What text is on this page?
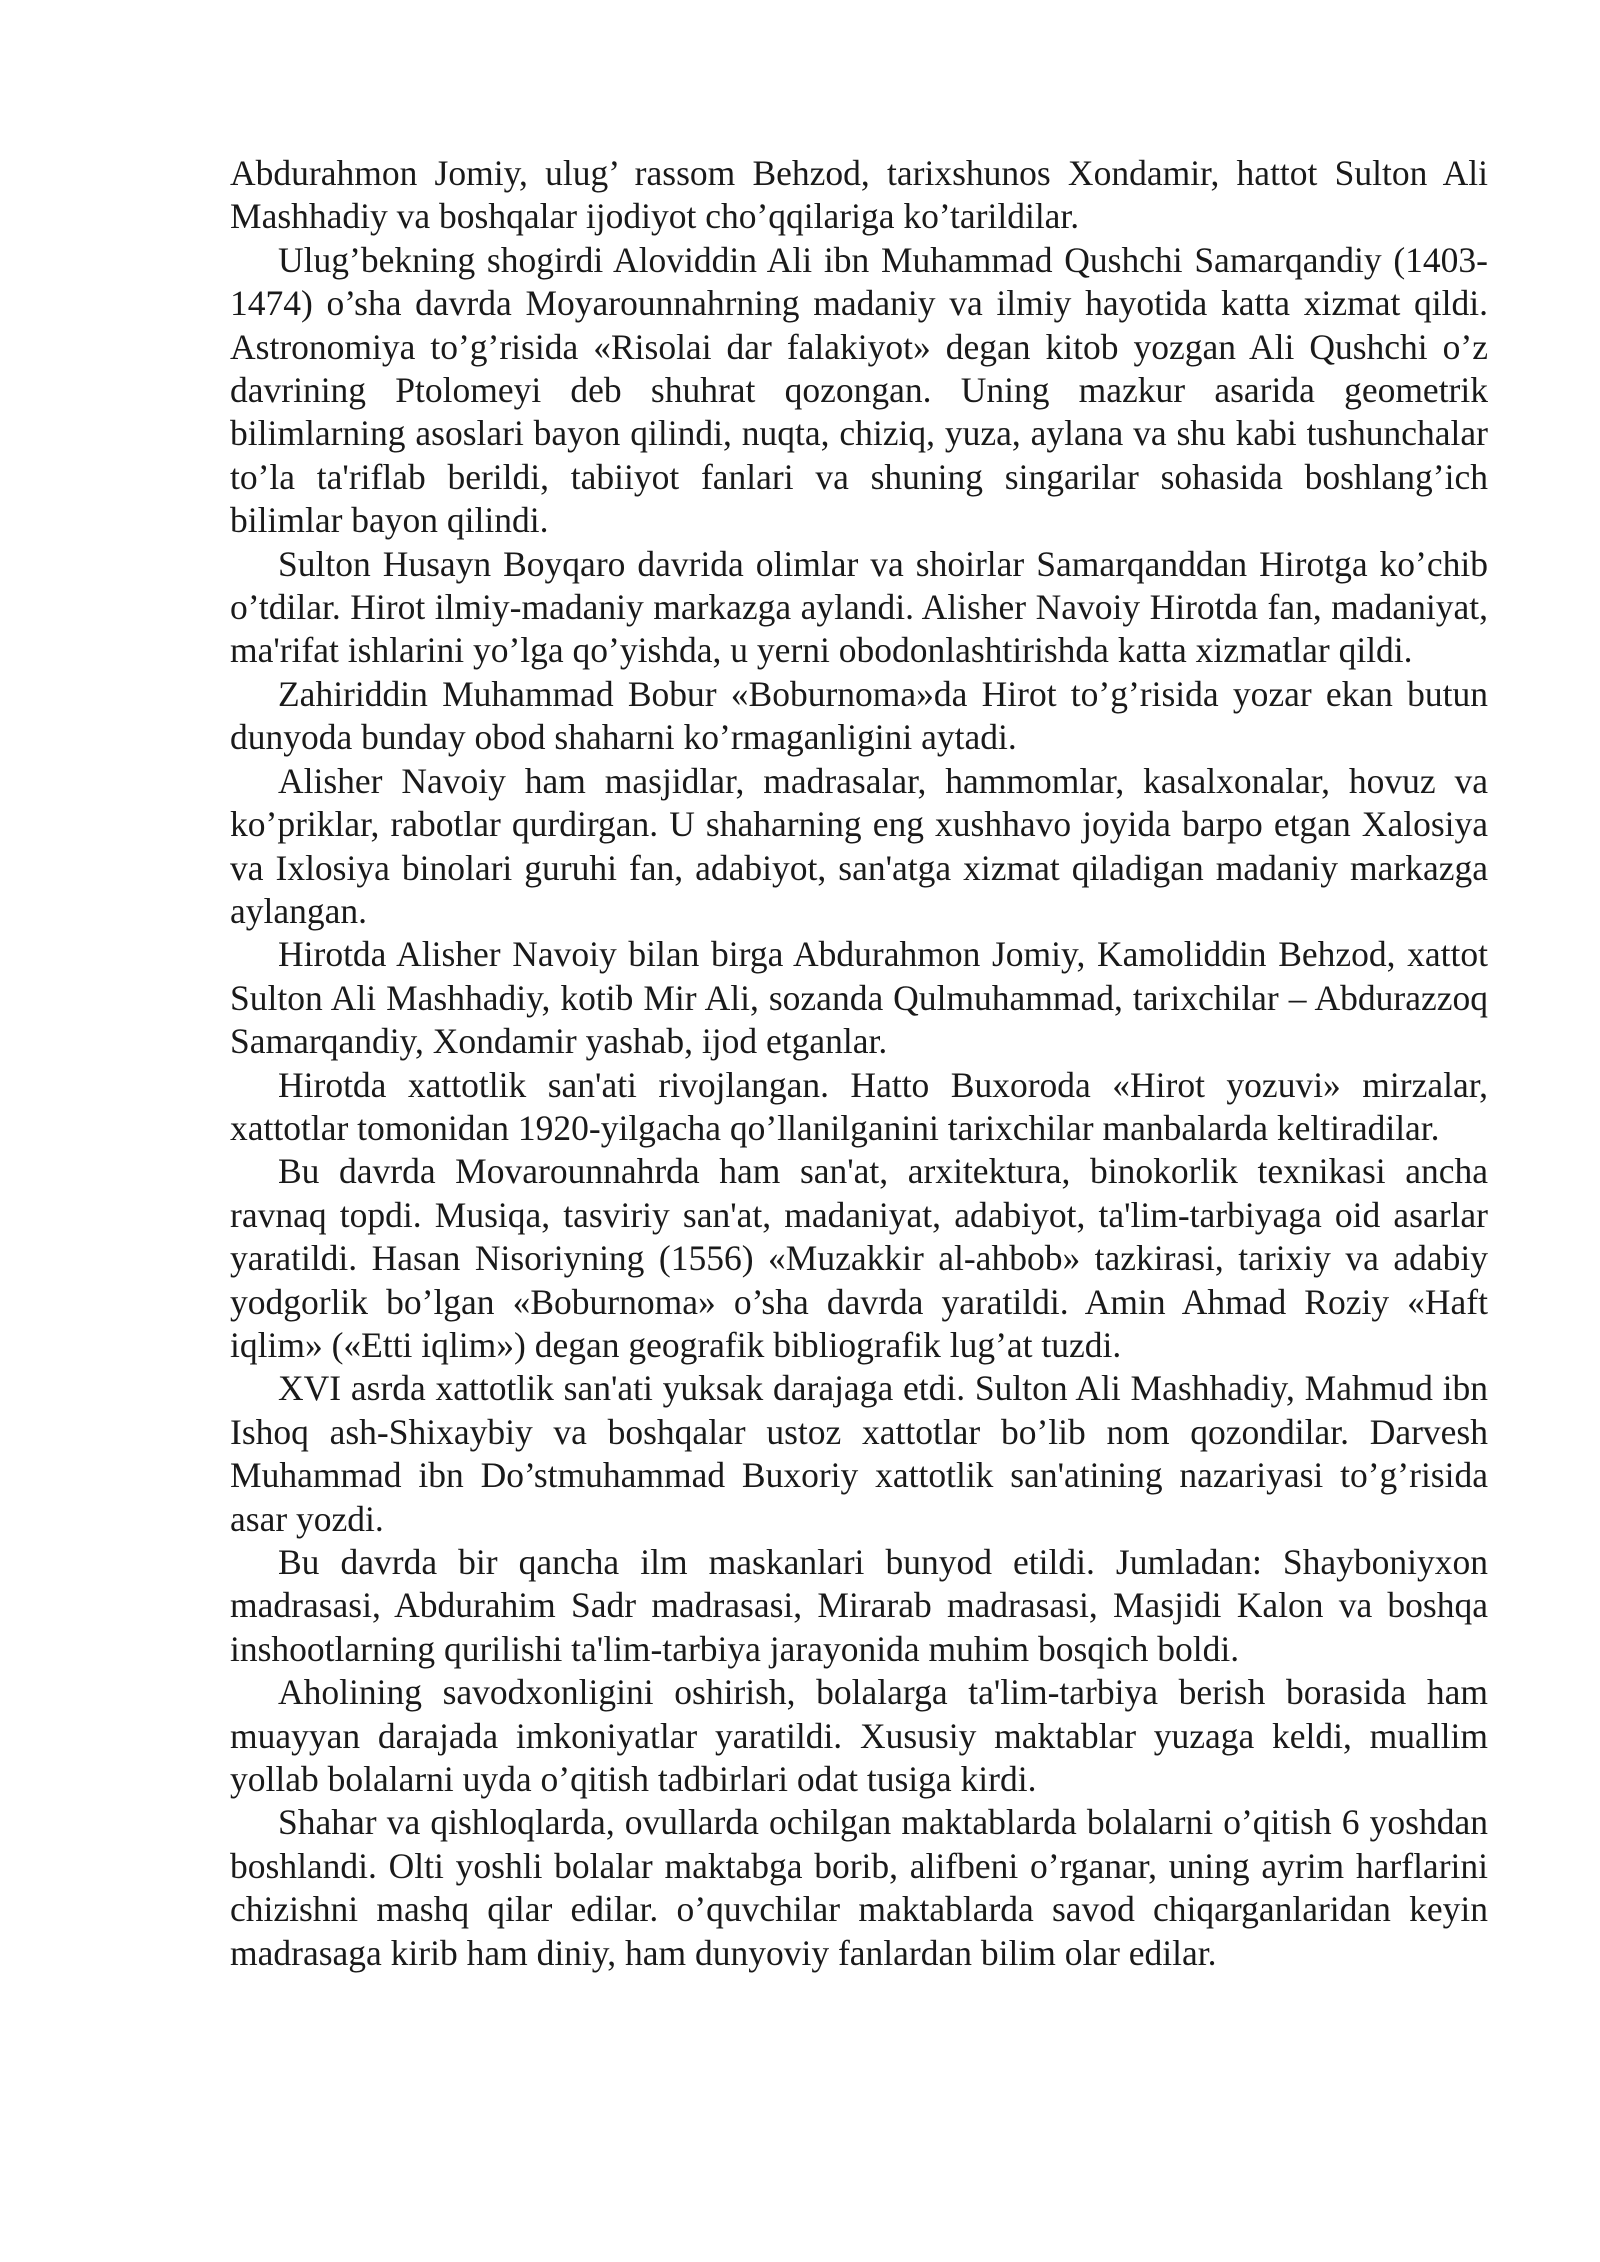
Abdurahmon Jomiy, ulug’ rassom Behzod, tarixshunos Xondamir, hattot Sulton Ali Mashhadiy va boshqalar ijodiyot cho’qqilariga ko’tarildilar.

Ulug’bekning shogirdi Aloviddin Ali ibn Muhammad Qushchi Samarqandiy (1403-1474) o’sha davrda Moyarounnahrning madaniy va ilmiy hayotida katta xizmat qildi. Astronomiya to’g’risida «Risolai dar falakiyot» degan kitob yozgan Ali Qushchi o’z davrining Ptolomeyi deb shuhrat qozongan. Uning mazkur asarida geometrik bilimlarning asoslari bayon qilindi, nuqta, chiziq, yuza, aylana va shu kabi tushunchalar to’la ta'riflab berildi, tabiiyot fanlari va shuning singarilar sohasida boshlang’ich bilimlar bayon qilindi.

Sulton Husayn Boyqaro davrida olimlar va shoirlar Samarqanddan Hirotga ko’chib o’tdilar. Hirot ilmiy-madaniy markazga aylandi. Alisher Navoiy Hirotda fan, madaniyat, ma'rifat ishlarini yo’lga qo’yishda, u yerni obodonlashtirishda katta xizmatlar qildi.

Zahiriddin Muhammad Bobur «Boburnoma»da Hirot to’g’risida yozar ekan butun dunyoda bunday obod shaharni ko’rmaganligini aytadi.

Alisher Navoiy ham masjidlar, madrasalar, hammomlar, kasalxonalar, hovuz va ko’priklar, rabotlar qurdirgan. U shaharning eng xushhavo joyida barpo etgan Xalosiya va Ixlosiya binolari guruhi fan, adabiyot, san'atga xizmat qiladigan madaniy markazga aylangan.

Hirotda Alisher Navoiy bilan birga Abdurahmon Jomiy, Kamoliddin Behzod, xattot Sulton Ali Mashhadiy, kotib Mir Ali, sozanda Qulmuhammad, tarixchilar – Abdurazzoq Samarqandiy, Xondamir yashab, ijod etganlar.

Hirotda xattotlik san'ati rivojlangan. Hatto Buxoroda «Hirot yozuvi» mirzalar, xattotlar tomonidan 1920-yilgacha qo’llanilganini tarixchilar manbalarda keltiradilar.

Bu davrda Movarounnahrda ham san'at, arxitektura, binokorlik texnikasi ancha ravnaq topdi. Musiqa, tasviriy san'at, madaniyat, adabiyot, ta'lim-tarbiyaga oid asarlar yaratildi. Hasan Nisoriyning (1556) «Muzakkir al-ahbob» tazkirasi, tarixiy va adabiy yodgorlik bo’lgan «Boburnoma» o’sha davrda yaratildi. Amin Ahmad Roziy «Haft iqlim» («Etti iqlim») degan geografik bibliografik lug’at tuzdi.

XVI asrda xattotlik san'ati yuksak darajaga etdi. Sulton Ali Mashhadiy, Mahmud ibn Ishoq ash-Shixaybiy va boshqalar ustoz xattotlar bo’lib nom qozondilar. Darvesh Muhammad ibn Do’stmuhammad Buxoriy xattotlik san'atining nazariyasi to’g’risida asar yozdi.

Bu davrda bir qancha ilm maskanlari bunyod etildi. Jumladan: Shayboniyxon madrasasi, Abdurahim Sadr madrasasi, Mirarab madrasasi, Masjidi Kalon va boshqa inshootlarning qurilishi ta'lim-tarbiya jarayonida muhim bosqich boldi.

Aholining savodxonligini oshirish, bolalarga ta'lim-tarbiya berish borasida ham muayyan darajada imkoniyatlar yaratildi. Xususiy maktablar yuzaga keldi, muallim yollab bolalarni uyda o’qitish tadbirlari odat tusiga kirdi.

Shahar va qishloqlarda, ovullarda ochilgan maktablarda bolalarni o’qitish 6 yoshdan boshlandi. Olti yoshli bolalar maktabga borib, alifbeni o’rganar, uning ayrim harflarini chizishni mashq qilar edilar. o’quvchilar maktablarda savod chiqarganlaridan keyin madrasaga kirib ham diniy, ham dunyoviy fanlardan bilim olar edilar.
